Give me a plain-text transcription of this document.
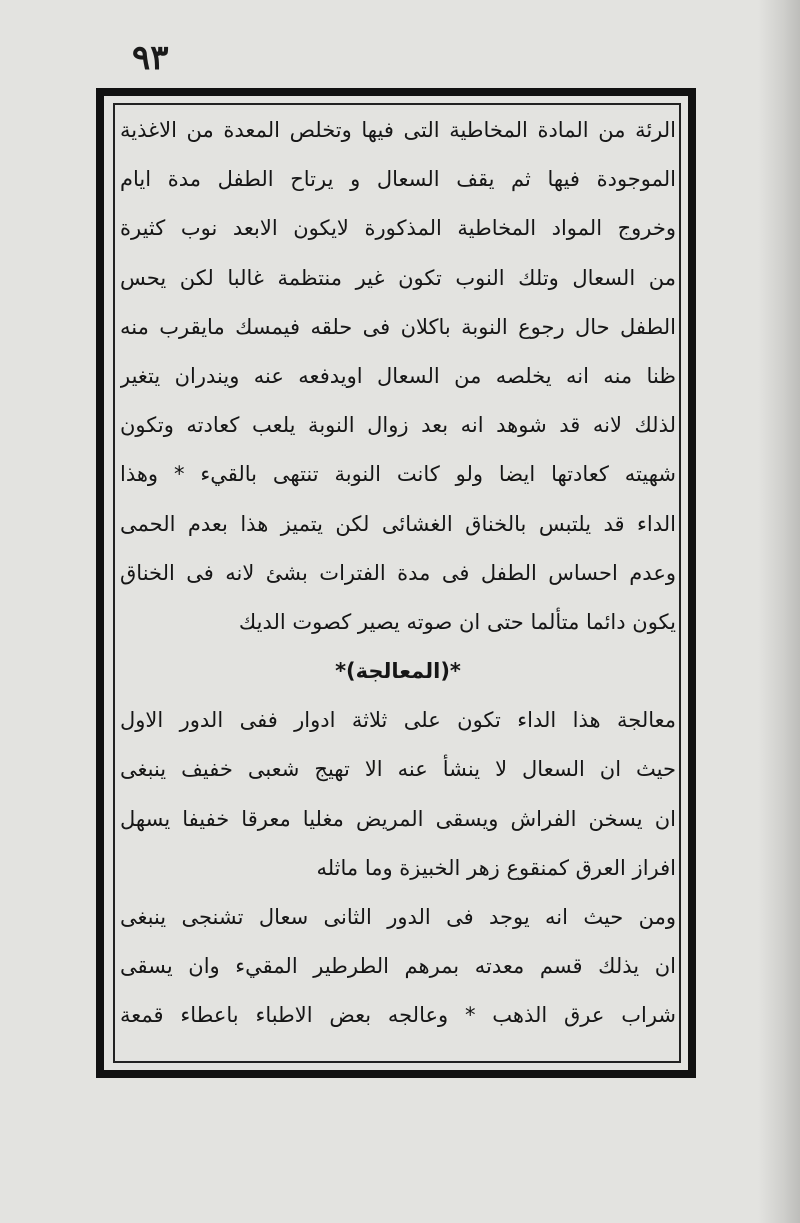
٩٣
الرئة من المادة المخاطية التى فيها وتخلص المعدة من الاغذية
الموجودة فيها ثم يقف السعال و يرتاح الطفل مدة ايام
وخروج المواد المخاطية المذكورة لايكون الابعد نوب كثيرة
من السعال وتلك النوب تكون غير منتظمة غالبا لكن يحس
الطفل حال رجوع النوبة باكلان فى حلقه فيمسك مايقرب منه
ظنا منه انه يخلصه من السعال اويدفعه عنه ويندران يتغير
لذلك لانه قد شوهد انه بعد زوال النوبة يلعب كعادته وتكون
شهيته كعادتها ايضا ولو كانت النوبة تنتهى بالقيء * وهذا
الداء قد يلتبس بالخناق الغشائى لكن يتميز هذا بعدم الحمى
وعدم احساس الطفل فى مدة الفترات بشئ لانه فى الخناق
يكون دائما متألما حتى ان صوته يصير كصوت الديك
*(المعالجة)*
معالجة هذا الداء تكون على ثلاثة ادوار ففى الدور الاول
حيث ان السعال لا ينشأ عنه الا تهيج شعبى خفيف ينبغى
ان يسخن الفراش ويسقى المريض مغليا معرقا خفيفا يسهل
افراز العرق كمنقوع زهر الخبيزة وما ماثله
ومن حيث انه يوجد فى الدور الثانى سعال تشنجى ينبغى
ان يذلك قسم معدته بمرهم الطرطير المقيء وان يسقى
شراب عرق الذهب * وعالجه بعض الاطباء باعطاء قمعة
